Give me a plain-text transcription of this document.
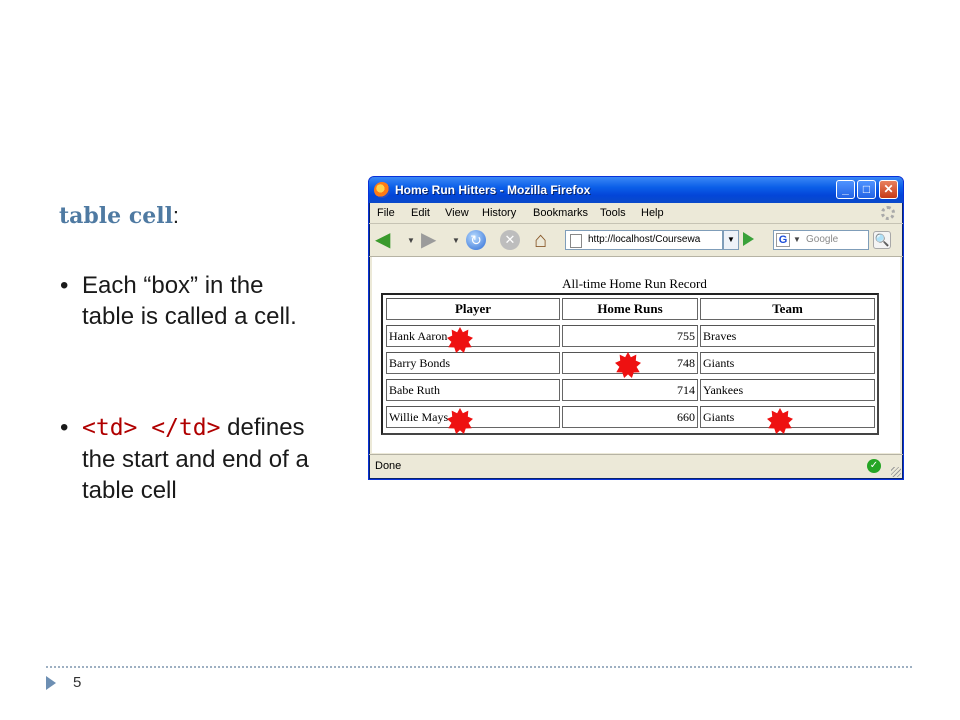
table cell:
• Each “box” in the table is called a cell.
• <td> </td> defines the start and end of a table cell
Home Run Hitters - Mozilla Firefox	_	□	✕
File Edit View History Bookmarks Tools Help
◀ ▼ ▶ ▼ ↻	✕ ⌂	http://localhost/Coursewa	▼	G ▼ Google	🔍
All-time Home Run Record
Player	Home Runs	Team
Hank Aaron	755 Braves
Barry Bonds	748 Giants
Babe Ruth	714 Yankees
Willie Mays	660 Giants
Done	✓
5
